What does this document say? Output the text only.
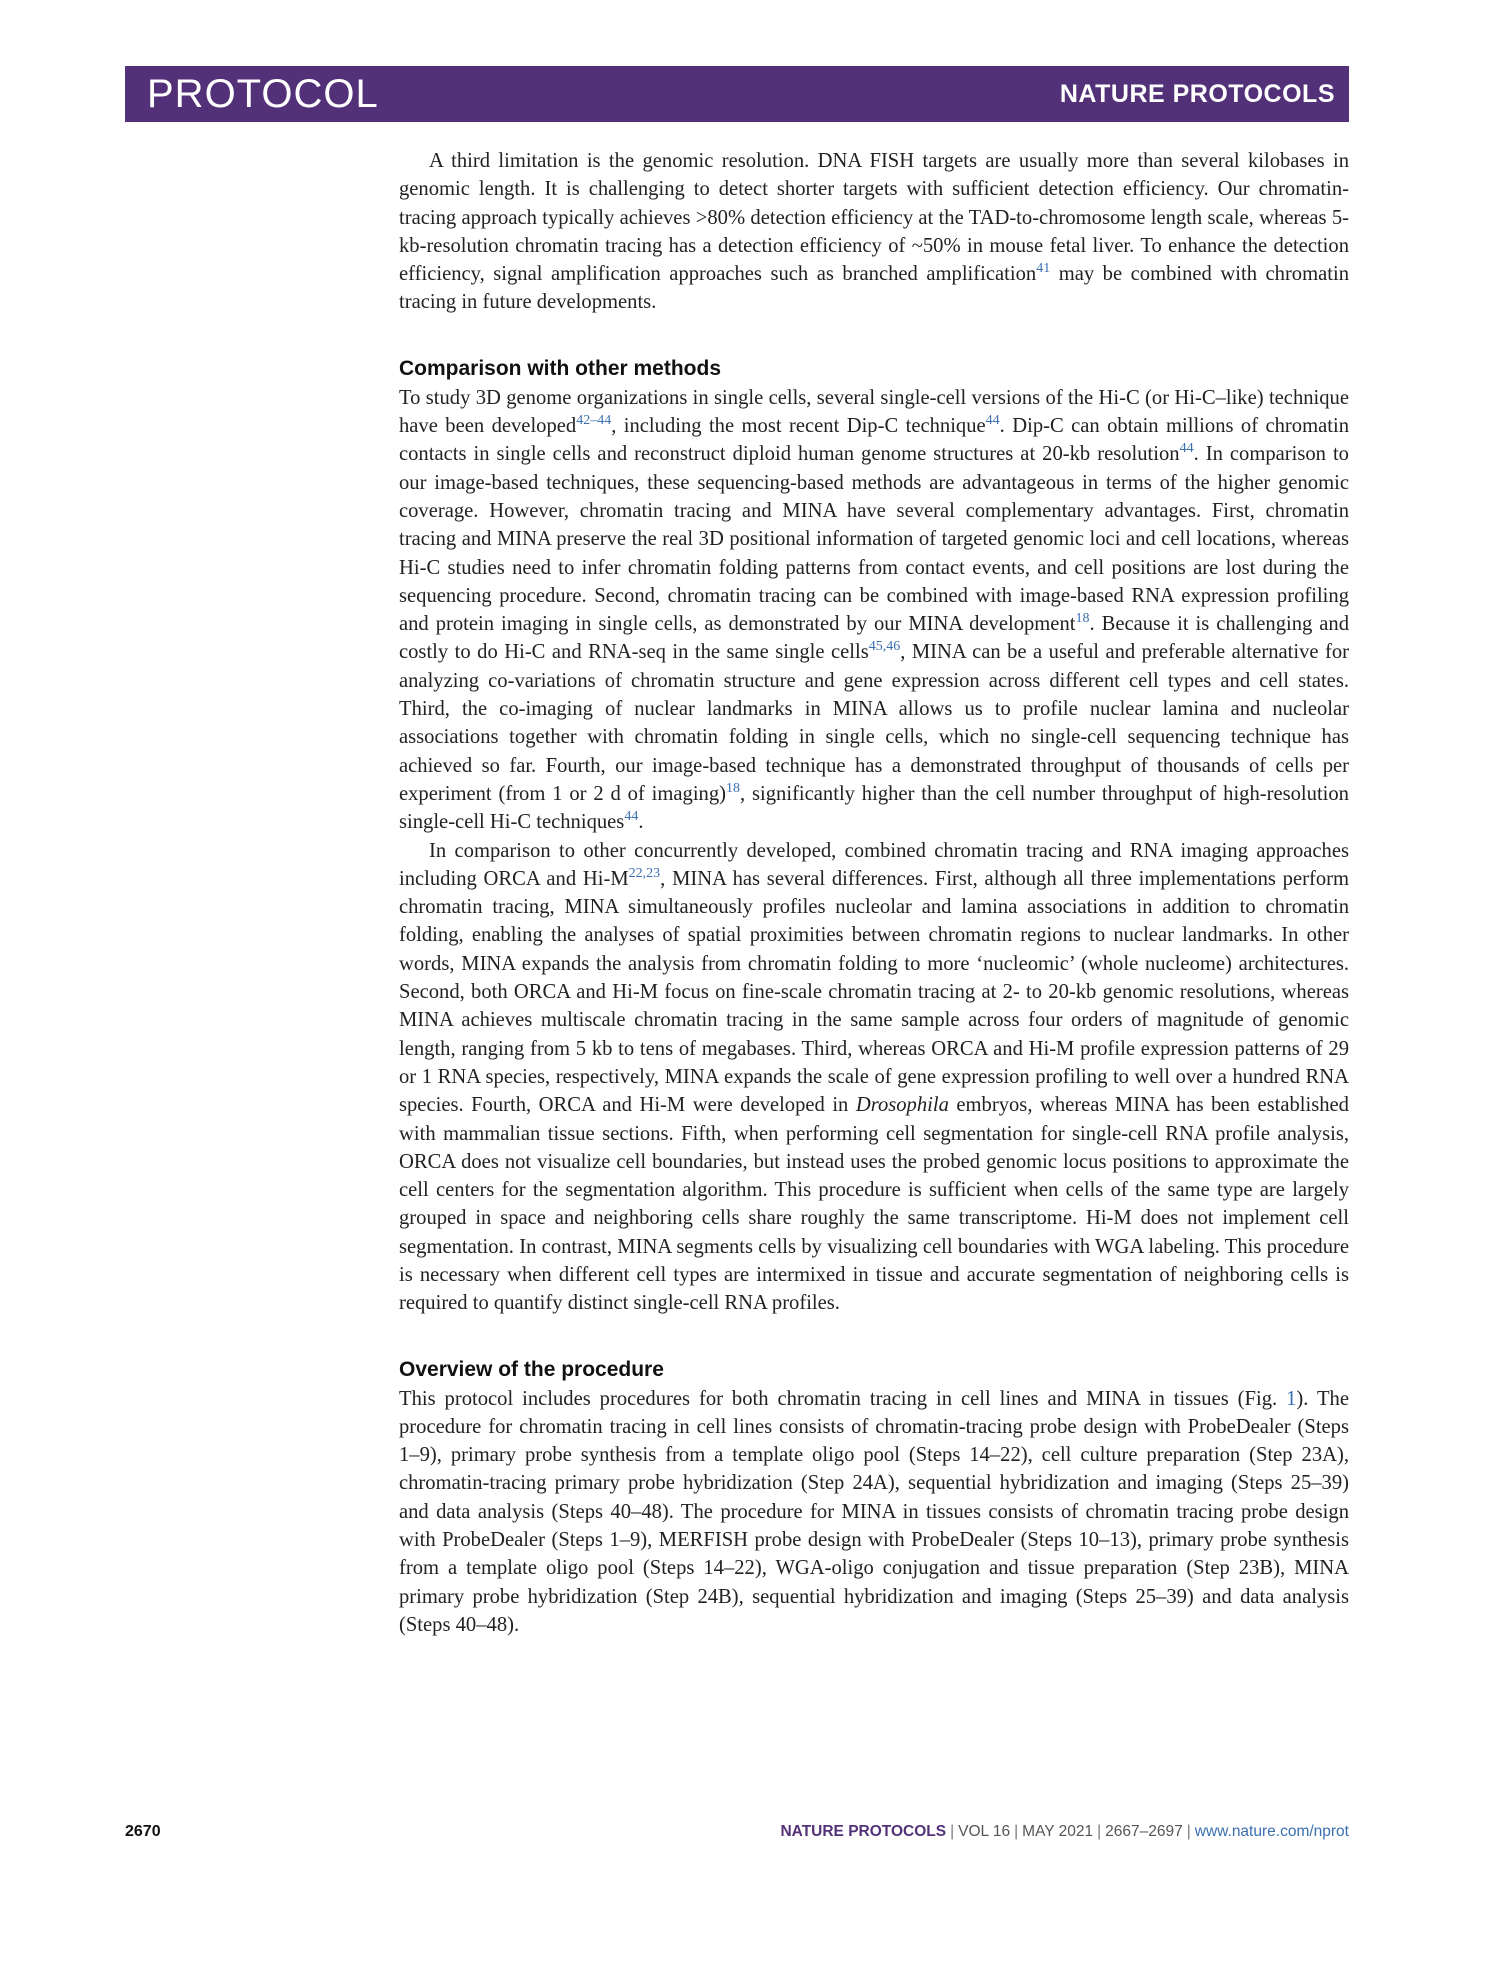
PROTOCOL	NATURE PROTOCOLS

A third limitation is the genomic resolution. DNA FISH targets are usually more than several kilobases in genomic length. It is challenging to detect shorter targets with sufficient detection efficiency. Our chromatin-tracing approach typically achieves >80% detection efficiency at the TAD-to-chromosome length scale, whereas 5-kb-resolution chromatin tracing has a detection efficiency of ~50% in mouse fetal liver. To enhance the detection efficiency, signal amplification approaches such as branched amplification$^{41}$ may be combined with chromatin tracing in future developments.

Comparison with other methods

To study 3D genome organizations in single cells, several single-cell versions of the Hi-C (or Hi-C–like) technique have been developed$^{42-44}$, including the most recent Dip-C technique$^{44}$. Dip-C can obtain millions of chromatin contacts in single cells and reconstruct diploid human genome structures at 20-kb resolution$^{44}$. In comparison to our image-based techniques, these sequencing-based methods are advantageous in terms of the higher genomic coverage. However, chromatin tracing and MINA have several complementary advantages. First, chromatin tracing and MINA preserve the real 3D positional information of targeted genomic loci and cell locations, whereas Hi-C studies need to infer chromatin folding patterns from contact events, and cell positions are lost during the sequencing procedure. Second, chromatin tracing can be combined with image-based RNA expression profiling and protein imaging in single cells, as demonstrated by our MINA development$^{18}$. Because it is challenging and costly to do Hi-C and RNA-seq in the same single cells$^{45,46}$, MINA can be a useful and preferable alternative for analyzing co-variations of chromatin structure and gene expression across different cell types and cell states. Third, the co-imaging of nuclear landmarks in MINA allows us to profile nuclear lamina and nucleolar associations together with chromatin folding in single cells, which no single-cell sequencing technique has achieved so far. Fourth, our image-based technique has a demonstrated throughput of thousands of cells per experiment (from 1 or 2 d of imaging)$^{18}$, significantly higher than the cell number throughput of high-resolution single-cell Hi-C techniques$^{44}$.

In comparison to other concurrently developed, combined chromatin tracing and RNA imaging approaches including ORCA and Hi-M$^{22,23}$, MINA has several differences. First, although all three implementations perform chromatin tracing, MINA simultaneously profiles nucleolar and lamina associations in addition to chromatin folding, enabling the analyses of spatial proximities between chromatin regions to nuclear landmarks. In other words, MINA expands the analysis from chromatin folding to more ‘nucleomic’ (whole nucleome) architectures. Second, both ORCA and Hi-M focus on fine-scale chromatin tracing at 2- to 20-kb genomic resolutions, whereas MINA achieves multiscale chromatin tracing in the same sample across four orders of magnitude of genomic length, ranging from 5 kb to tens of megabases. Third, whereas ORCA and Hi-M profile expression patterns of 29 or 1 RNA species, respectively, MINA expands the scale of gene expression profiling to well over a hundred RNA species. Fourth, ORCA and Hi-M were developed in Drosophila embryos, whereas MINA has been established with mammalian tissue sections. Fifth, when performing cell segmentation for single-cell RNA profile analysis, ORCA does not visualize cell boundaries, but instead uses the probed genomic locus positions to approximate the cell centers for the segmentation algorithm. This procedure is sufficient when cells of the same type are largely grouped in space and neighboring cells share roughly the same transcriptome. Hi-M does not implement cell segmentation. In contrast, MINA segments cells by visualizing cell boundaries with WGA labeling. This procedure is necessary when different cell types are intermixed in tissue and accurate segmentation of neighboring cells is required to quantify distinct single-cell RNA profiles.

Overview of the procedure

This protocol includes procedures for both chromatin tracing in cell lines and MINA in tissues (Fig. 1). The procedure for chromatin tracing in cell lines consists of chromatin-tracing probe design with ProbeDealer (Steps 1–9), primary probe synthesis from a template oligo pool (Steps 14–22), cell culture preparation (Step 23A), chromatin-tracing primary probe hybridization (Step 24A), sequential hybridization and imaging (Steps 25–39) and data analysis (Steps 40–48). The procedure for MINA in tissues consists of chromatin tracing probe design with ProbeDealer (Steps 1–9), MERFISH probe design with ProbeDealer (Steps 10–13), primary probe synthesis from a template oligo pool (Steps 14–22), WGA-oligo conjugation and tissue preparation (Step 23B), MINA primary probe hybridization (Step 24B), sequential hybridization and imaging (Steps 25–39) and data analysis (Steps 40–48).

2670	NATURE PROTOCOLS | VOL 16 | MAY 2021 | 2667–2697 | www.nature.com/nprot
